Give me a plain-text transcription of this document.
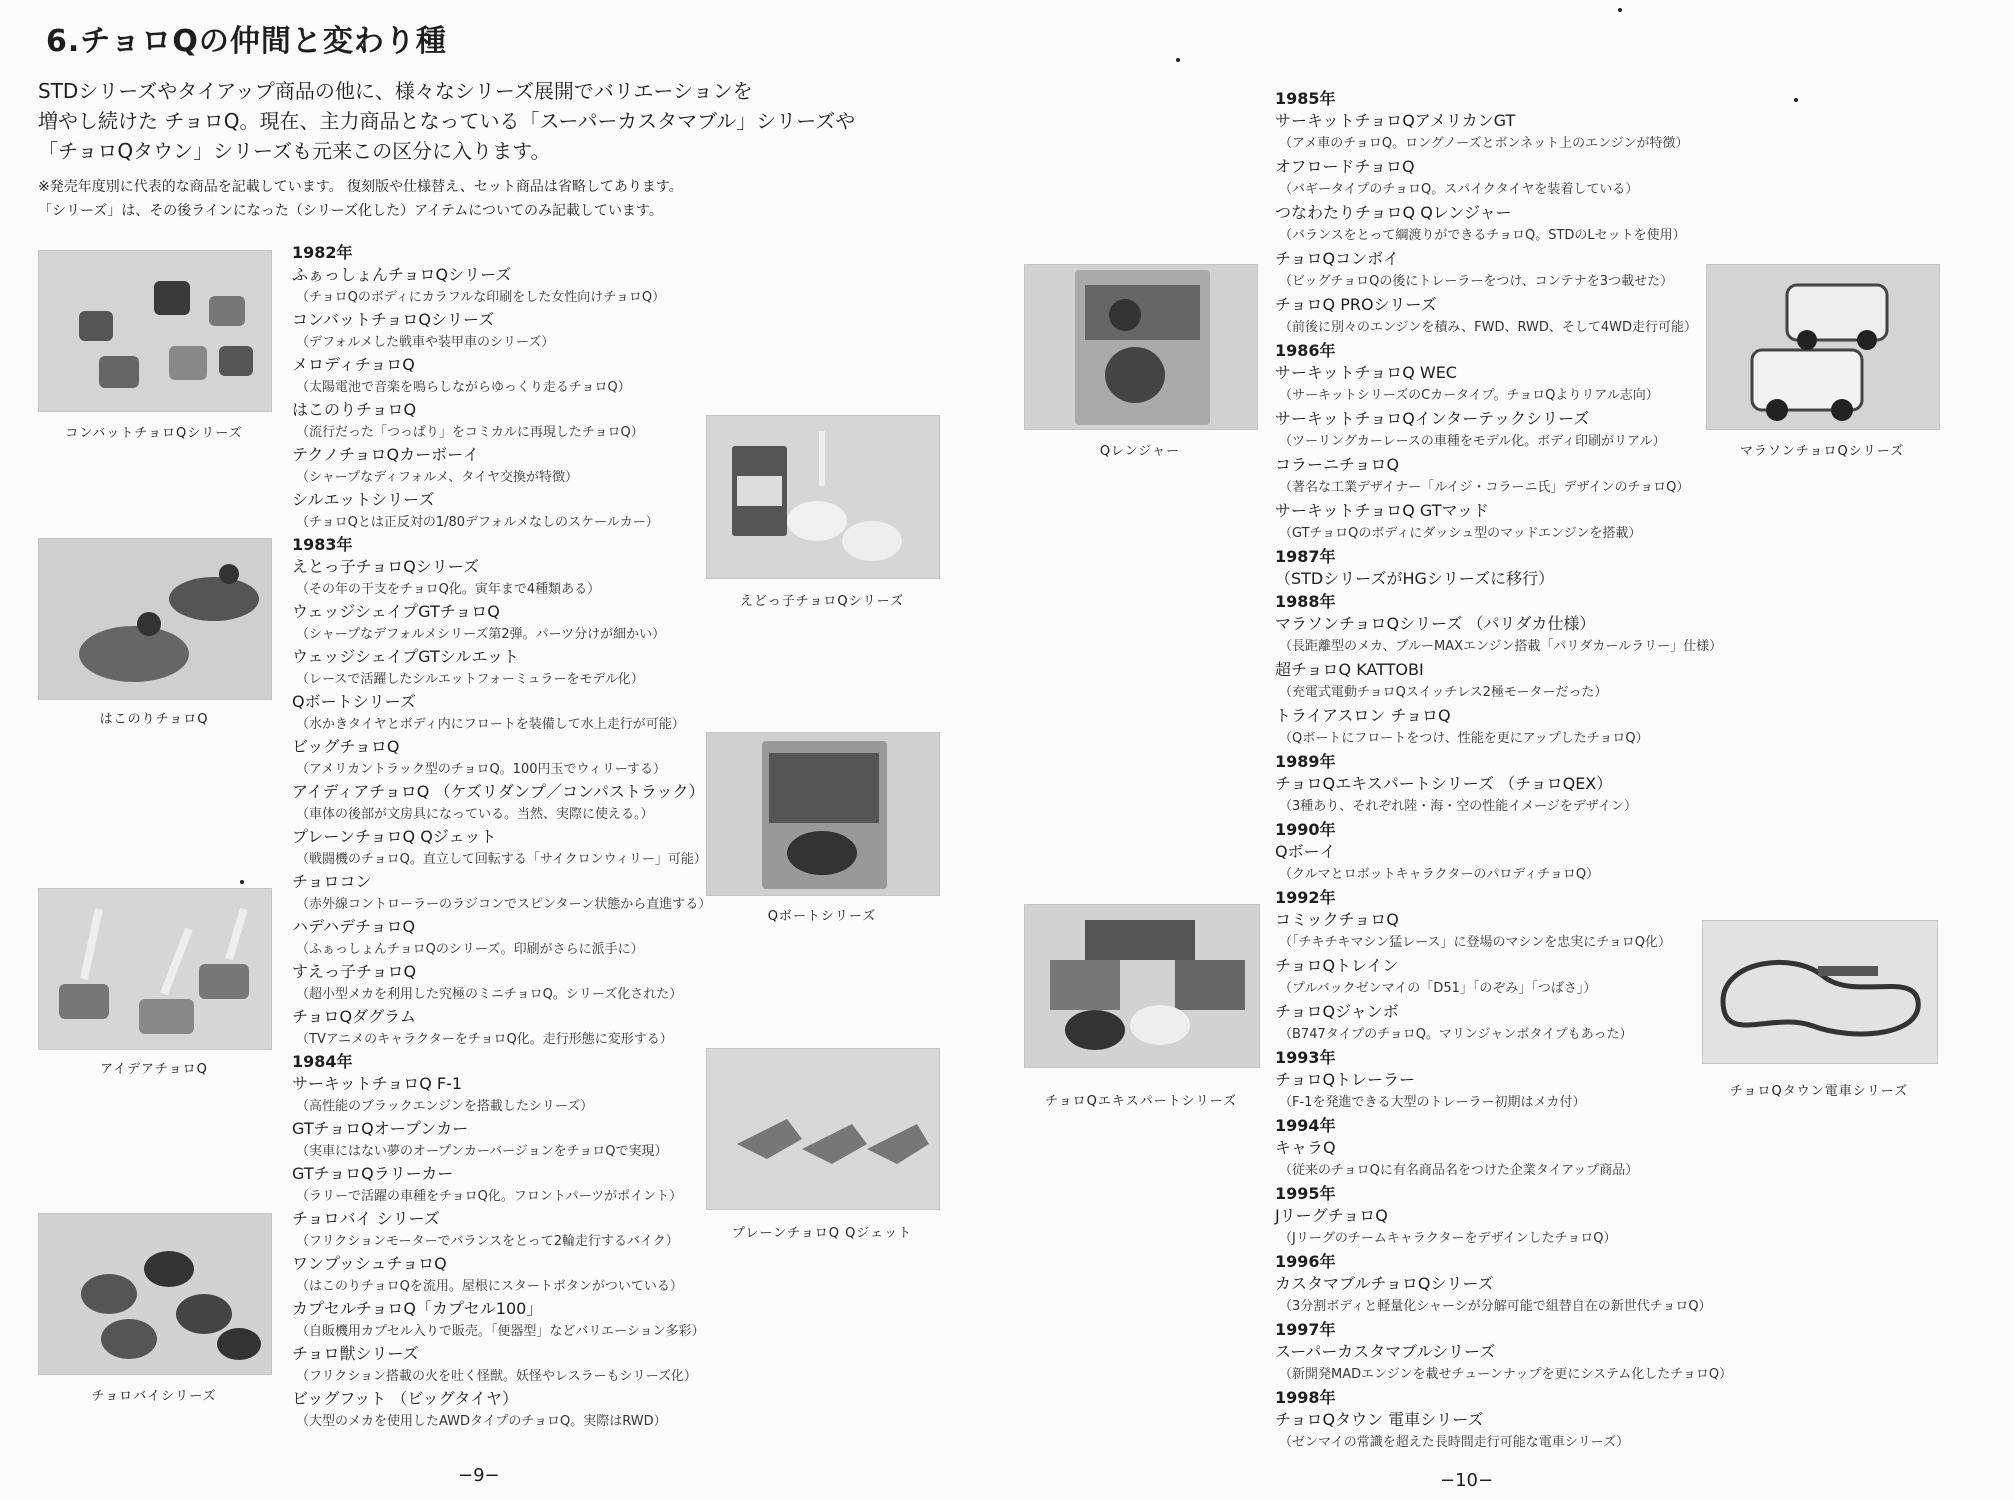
6.チョロQの仲間と変わり種
STDシリーズやタイアップ商品の他に、様々なシリーズ展開でバリエーションを
増やし続けた チョロQ。現在、主力商品となっている「スーパーカスタマブル」シリーズや
「チョロQタウン」シリーズも元来この区分に入ります。
※発売年度別に代表的な商品を記載しています。 復刻版や仕様替え、セット商品は省略してあります。
「シリーズ」は、その後ラインになった（シリーズ化した）アイテムについてのみ記載しています。
コンバットチョロQシリーズ
はこのりチョロQ
アイデアチョロQ
チョロバイシリーズ
えどっ子チョロQシリーズ
Qボートシリーズ
プレーンチョロQ Qジェット
1982年
ふぁっしょんチョロQシリーズ
（チョロQのボディにカラフルな印刷をした女性向けチョロQ）
コンバットチョロQシリーズ
（デフォルメした戦車や装甲車のシリーズ）
メロディチョロQ
（太陽電池で音楽を鳴らしながらゆっくり走るチョロQ）
はこのりチョロQ
（流行だった「つっぱり」をコミカルに再現したチョロQ）
テクノチョロQカーボーイ
（シャープなディフォルメ、タイヤ交換が特徴）
シルエットシリーズ
（チョロQとは正反対の1/80デフォルメなしのスケールカー）
1983年
えとっ子チョロQシリーズ
（その年の干支をチョロQ化。寅年まで4種類ある）
ウェッジシェイプGTチョロQ
（シャープなデフォルメシリーズ第2弾。パーツ分けが細かい）
ウェッジシェイプGTシルエット
（レースで活躍したシルエットフォーミュラーをモデル化）
Qボートシリーズ
（水かきタイヤとボディ内にフロートを装備して水上走行が可能）
ビッグチョロQ
（アメリカントラック型のチョロQ。100円玉でウィリーする）
アイディアチョロQ （ケズリダンプ／コンパストラック）
（車体の後部が文房具になっている。当然、実際に使える。）
プレーンチョロQ Qジェット
（戦闘機のチョロQ。直立して回転する「サイクロンウィリー」可能）
チョロコン
（赤外線コントローラーのラジコンでスピンターン状態から直進する）
ハデハデチョロQ
（ふぁっしょんチョロQのシリーズ。印刷がさらに派手に）
すえっ子チョロQ
（超小型メカを利用した究極のミニチョロQ。シリーズ化された）
チョロQダグラム
（TVアニメのキャラクターをチョロQ化。走行形態に変形する）
1984年
サーキットチョロQ F-1
（高性能のブラックエンジンを搭載したシリーズ）
GTチョロQオープンカー
（実車にはない夢のオープンカーバージョンをチョロQで実現）
GTチョロQラリーカー
（ラリーで活躍の車種をチョロQ化。フロントパーツがポイント）
チョロバイ シリーズ
（フリクションモーターでバランスをとって2輪走行するバイク）
ワンプッシュチョロQ
（はこのりチョロQを流用。屋根にスタートボタンがついている）
カプセルチョロQ「カプセル100」
（自販機用カプセル入りで販売。「便器型」などバリエーション多彩）
チョロ獣シリーズ
（フリクション搭載の火を吐く怪獣。妖怪やレスラーもシリーズ化）
ビッグフット （ビッグタイヤ）
（大型のメカを使用したAWDタイプのチョロQ。実際はRWD）
−9−
Qレンジャー	マラソンチョロQシリーズ
チョロQエキスパートシリーズ
チョロQタウン電車シリーズ
1985年
サーキットチョロQアメリカンGT
（アメ車のチョロQ。ロングノーズとボンネット上のエンジンが特徴）
オフロードチョロQ
（バギータイプのチョロQ。スパイクタイヤを装着している）
つなわたりチョロQ Qレンジャー
（バランスをとって綱渡りができるチョロQ。STDのLセットを使用）
チョロQコンボイ
（ビッグチョロQの後にトレーラーをつけ、コンテナを3つ載せた）
チョロQ PROシリーズ
（前後に別々のエンジンを積み、FWD、RWD、そして4WD走行可能）
1986年
サーキットチョロQ WEC
（サーキットシリーズのCカータイプ。チョロQよりリアル志向）
サーキットチョロQインターテックシリーズ
（ツーリングカーレースの車種をモデル化。ボディ印刷がリアル）
コラーニチョロQ
（著名な工業デザイナー「ルイジ・コラーニ氏」デザインのチョロQ）
サーキットチョロQ GTマッド
（GTチョロQのボディにダッシュ型のマッドエンジンを搭載）
1987年
（STDシリーズがHGシリーズに移行）
1988年
マラソンチョロQシリーズ （パリダカ仕様）
（長距離型のメカ、ブルーMAXエンジン搭載「パリダカールラリー」仕様）
超チョロQ KATTOBI
（充電式電動チョロQスイッチレス2極モーターだった）
トライアスロン チョロQ
（Qボートにフロートをつけ、性能を更にアップしたチョロQ）
1989年
チョロQエキスパートシリーズ （チョロQEX）
（3種あり、それぞれ陸・海・空の性能イメージをデザイン）
1990年
Qボーイ
（クルマとロボットキャラクターのパロディチョロQ）
1992年
コミックチョロQ
（「チキチキマシン猛レース」に登場のマシンを忠実にチョロQ化）
チョロQトレイン
（プルバックゼンマイの「D51」「のぞみ」「つばさ」）
チョロQジャンボ
（B747タイプのチョロQ。マリンジャンボタイプもあった）
1993年
チョロQトレーラー
（F-1を発進できる大型のトレーラー初期はメカ付）
1994年
キャラQ
（従来のチョロQに有名商品名をつけた企業タイアップ商品）
1995年
JリーグチョロQ
（JリーグのチームキャラクターをデザインしたチョロQ）
1996年
カスタマブルチョロQシリーズ
（3分割ボディと軽量化シャーシが分解可能で組替自在の新世代チョロQ）
1997年
スーパーカスタマブルシリーズ
（新開発MADエンジンを載せチューンナップを更にシステム化したチョロQ）
1998年
チョロQタウン 電車シリーズ
（ゼンマイの常識を超えた長時間走行可能な電車シリーズ）
−10−
